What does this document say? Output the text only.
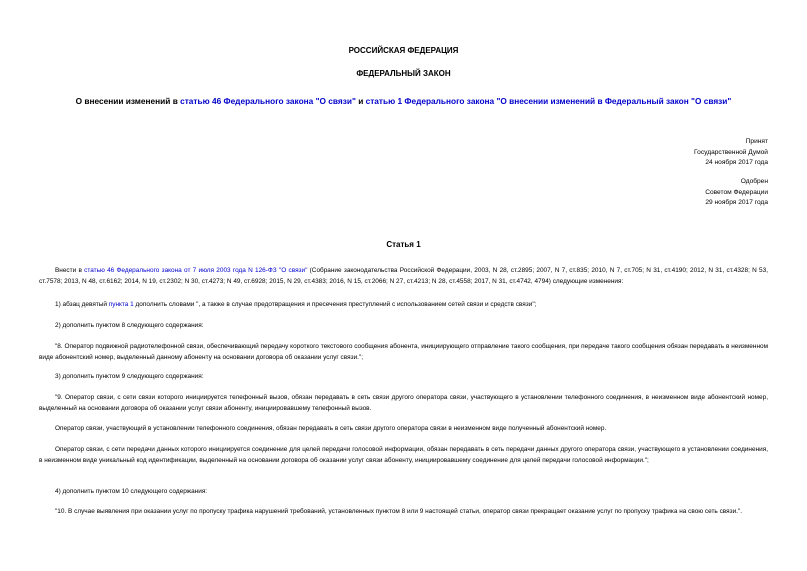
РОССИЙСКАЯ ФЕДЕРАЦИЯ
ФЕДЕРАЛЬНЫЙ ЗАКОН
О внесении изменений в статью 46 Федерального закона "О связи" и статью 1 Федерального закона "О внесении изменений в Федеральный закон "О связи"
Принят
Государственной Думой
24 ноября 2017 года
Одобрен
Советом Федерации
29 ноября 2017 года
Статья 1
Внести в статью 46 Федерального закона от 7 июля 2003 года N 126-ФЗ "О связи" (Собрание законодательства Российской Федерации, 2003, N 28, ст.2895; 2007, N 7, ст.835; 2010, N 7, ст.705; N 31, ст.4190; 2012, N 31, ст.4328; N 53, ст.7578; 2013, N 48, ст.6162; 2014, N 19, ст.2302; N 30, ст.4273; N 49, ст.6928; 2015, N 29, ст.4383; 2016, N 15, ст.2066; N 27, ст.4213; N 28, ст.4558; 2017, N 31, ст.4742, 4794) следующие изменения:
1) абзац девятый пункта 1 дополнить словами ", а также в случае предотвращения и пресечения преступлений с использованием сетей связи и средств связи";
2) дополнить пунктом 8 следующего содержания:
"8. Оператор подвижной радиотелефонной связи, обеспечивающий передачу короткого текстового сообщения абонента, инициирующего отправление такого сообщения, при передаче такого сообщения обязан передавать в неизменном виде абонентский номер, выделенный данному абоненту на основании договора об оказании услуг связи.";
3) дополнить пунктом 9 следующего содержания:
"9. Оператор связи, с сети связи которого инициируется телефонный вызов, обязан передавать в сеть связи другого оператора связи, участвующего в установлении телефонного соединения, в неизменном виде абонентский номер, выделенный на основании договора об оказании услуг связи абоненту, инициировавшему телефонный вызов.
Оператор связи, участвующий в установлении телефонного соединения, обязан передавать в сеть связи другого оператора связи в неизменном виде полученный абонентский номер.
Оператор связи, с сети передачи данных которого инициируется соединение для целей передачи голосовой информации, обязан передавать в сеть передачи данных другого оператора связи, участвующего в установлении соединения, в неизменном виде уникальный код идентификации, выделенный на основании договора об оказании услуг связи абоненту, инициировавшему соединение для целей передачи голосовой информации.";
4) дополнить пунктом 10 следующего содержания:
"10. В случае выявления при оказании услуг по пропуску трафика нарушений требований, установленных пунктом 8 или 9 настоящей статьи, оператор связи прекращает оказание услуг по пропуску трафика на свою сеть связи.".
